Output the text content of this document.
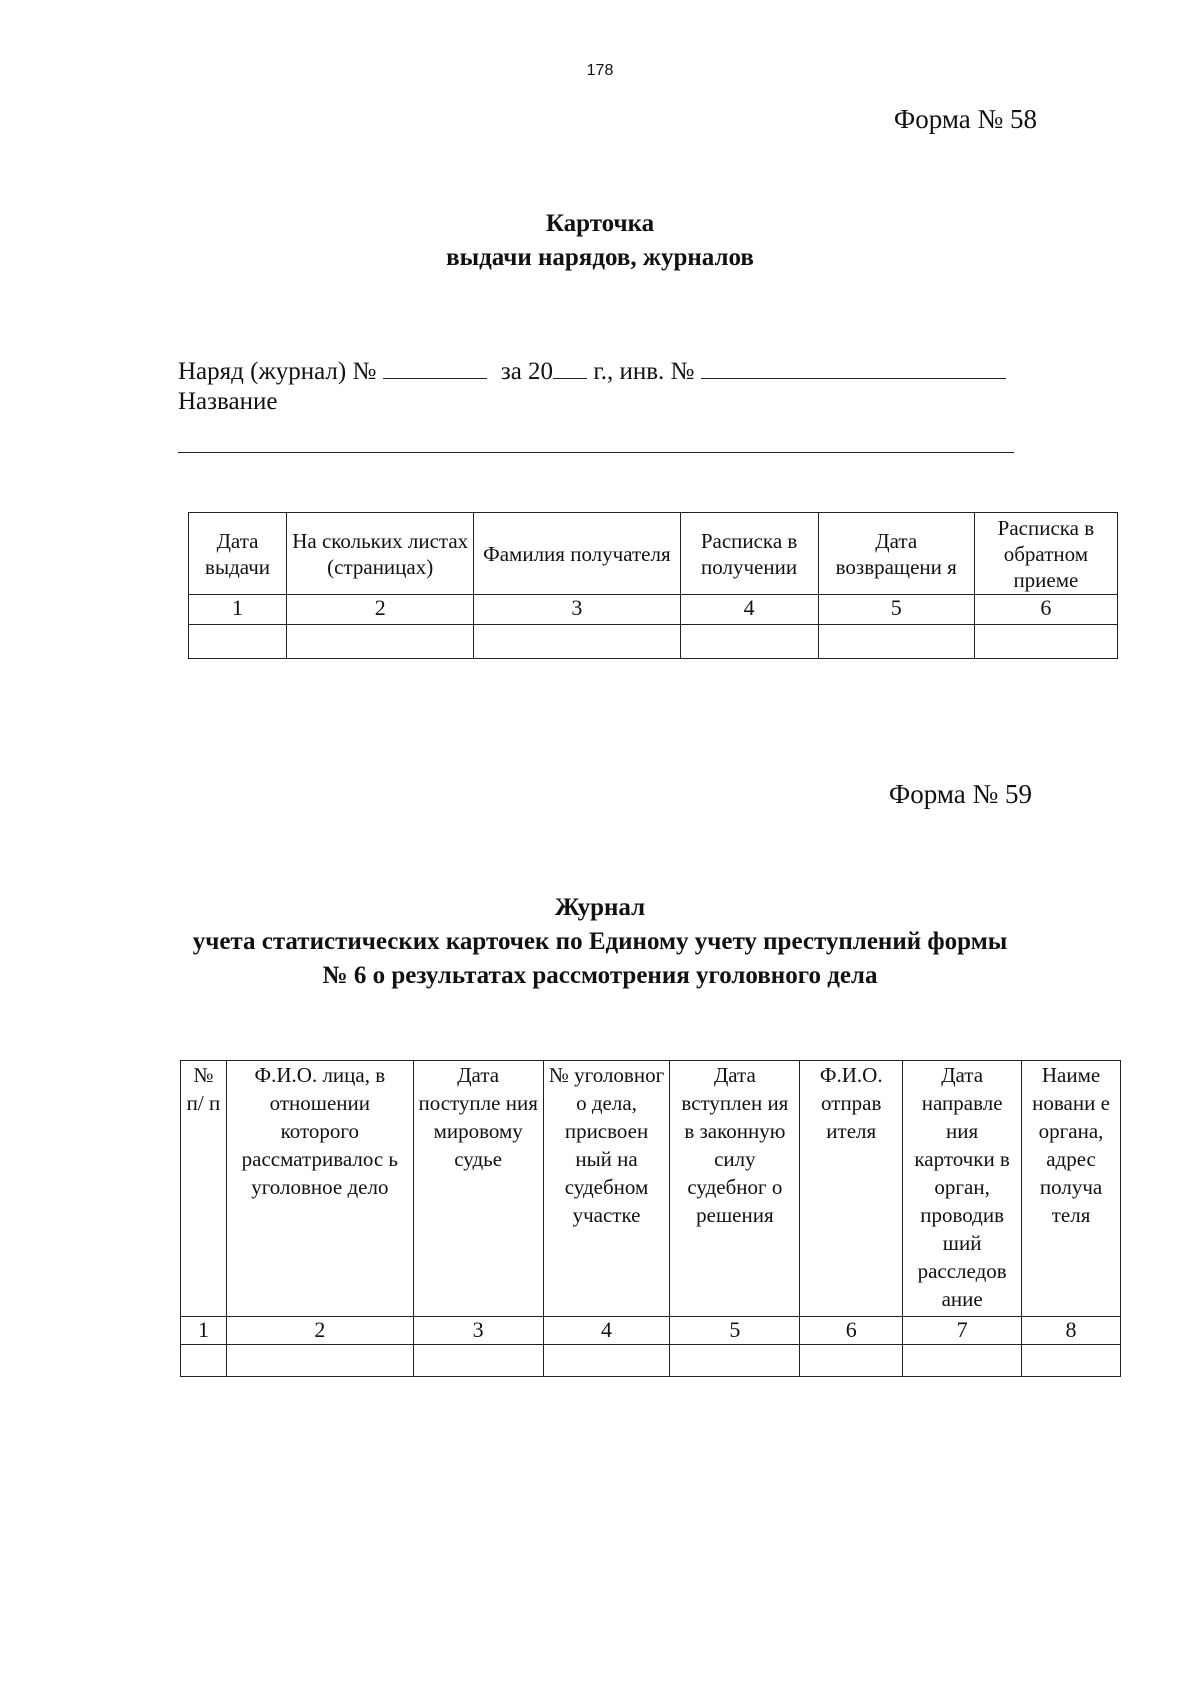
178
Форма № 58
Карточка
выдачи нарядов, журналов
Наряд (журнал) №	за 20 г., инв. №
Название
Дата выдачи	На скольких листах (страницах)	Фамилия получателя	Расписка в получении	Дата возвращени я	Расписка в обратном приеме
1	2	3	4	5	6

Форма № 59
Журнал
учета статистических карточек по Единому учету преступлений формы
№ 6 о результатах рассмотрения уголовного дела
№ п/ п	Ф.И.О. лица, в отношении которого рассматривалос ь уголовное дело	Дата поступле ния мировому судье	№ уголовног о дела, присвоен ный на судебном участке	Дата вступлен ия в законную силу судебног о решения	Ф.И.О. отправ ителя	Дата направле ния карточки в орган, проводив ший расследов ание	Наиме новани е органа, адрес получа теля
1	2	3	4	5	6	7	8
